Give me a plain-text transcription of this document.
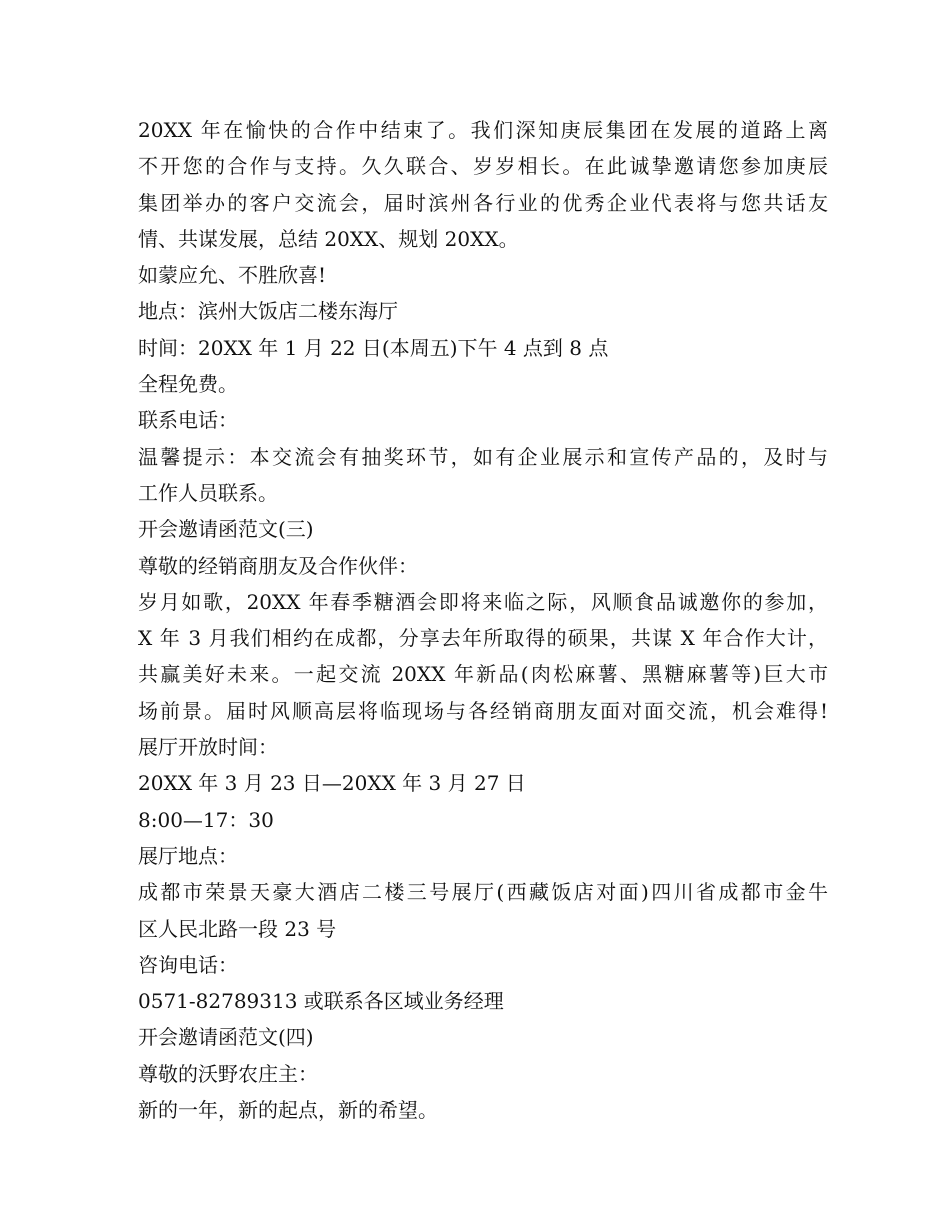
20XX 年在愉快的合作中结束了。我们深知庚辰集团在发展的道路上离
不开您的合作与支持。久久联合、岁岁相长。在此诚挚邀请您参加庚辰
集团举办的客户交流会，届时滨州各行业的优秀企业代表将与您共话友
情、共谋发展，总结 20XX、规划 20XX。
如蒙应允、不胜欣喜!
地点：滨州大饭店二楼东海厅
时间：20XX 年 1 月 22 日(本周五)下午 4 点到 8 点
全程免费。
联系电话：
温馨提示：本交流会有抽奖环节，如有企业展示和宣传产品的，及时与
工作人员联系。
开会邀请函范文(三)
尊敬的经销商朋友及合作伙伴：
岁月如歌，20XX 年春季糖酒会即将来临之际，风顺食品诚邀你的参加，
X 年 3 月我们相约在成都，分享去年所取得的硕果，共谋 X 年合作大计，
共赢美好未来。一起交流 20XX 年新品(肉松麻薯、黑糖麻薯等)巨大市
场前景。届时风顺高层将临现场与各经销商朋友面对面交流，机会难得!
展厅开放时间：
20XX 年 3 月 23 日—20XX 年 3 月 27 日
8:00—17：30
展厅地点：
成都市荣景天豪大酒店二楼三号展厅(西藏饭店对面)四川省成都市金牛
区人民北路一段 23 号
咨询电话：
0571-82789313 或联系各区域业务经理
开会邀请函范文(四)
尊敬的沃野农庄主：
新的一年，新的起点，新的希望。
